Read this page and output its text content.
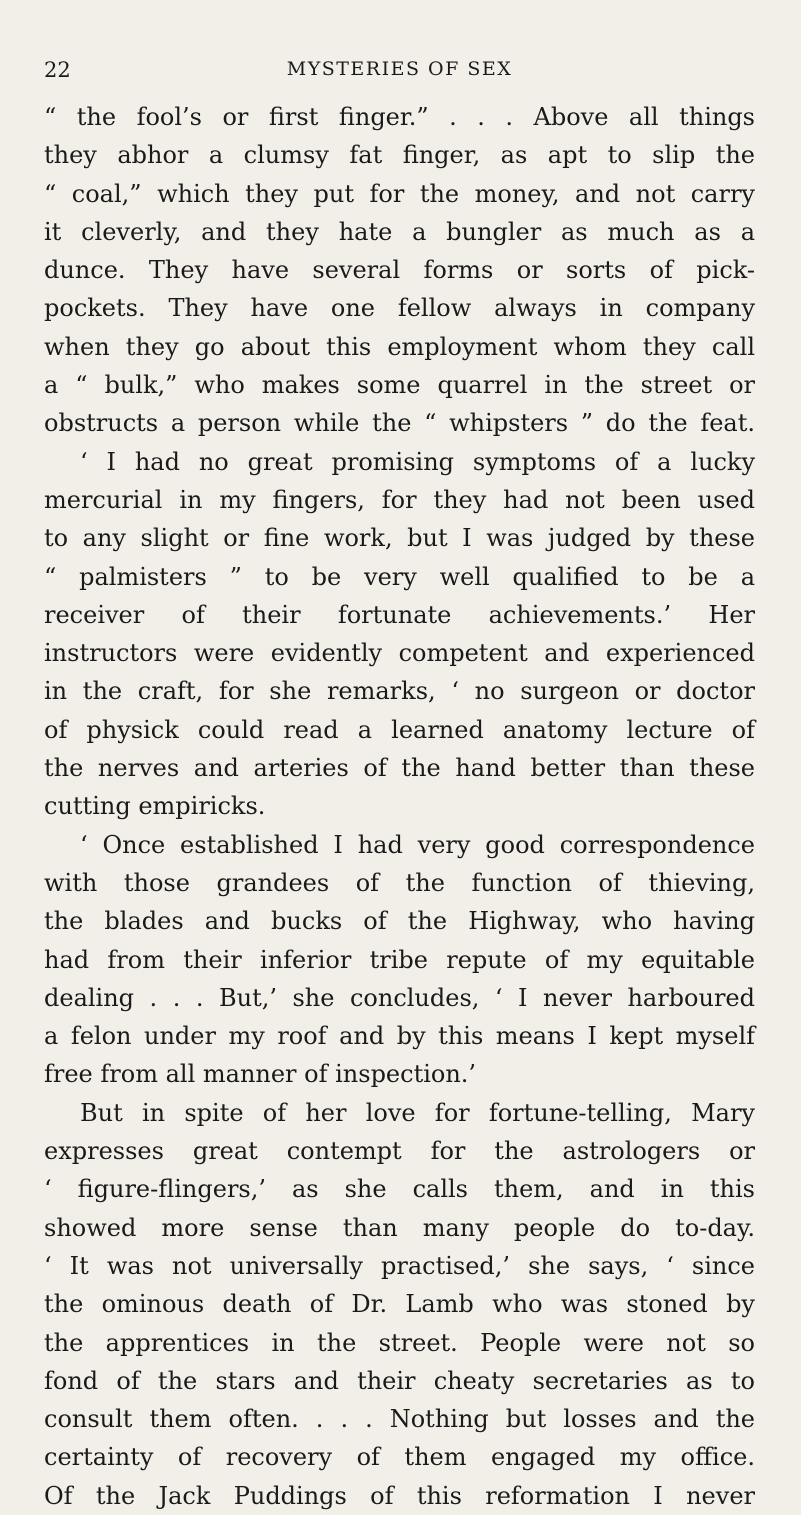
22	MYSTERIES OF SEX
“ the fool’s or first finger.” . . . Above all things
they abhor a clumsy fat finger, as apt to slip the
“ coal,” which they put for the money, and not carry
it cleverly, and they hate a bungler as much as a
dunce. They have several forms or sorts of pick-
pockets. They have one fellow always in company
when they go about this employment whom they call
a “ bulk,” who makes some quarrel in the street or
obstructs a person while the “ whipsters ” do the feat.
‘ I had no great promising symptoms of a lucky
mercurial in my fingers, for they had not been used
to any slight or fine work, but I was judged by these
“ palmisters ” to be very well qualified to be a
receiver of their fortunate achievements.’ Her
instructors were evidently competent and experienced
in the craft, for she remarks, ‘ no surgeon or doctor
of physick could read a learned anatomy lecture of
the nerves and arteries of the hand better than these
cutting empiricks.
‘ Once established I had very good correspondence
with those grandees of the function of thieving,
the blades and bucks of the Highway, who having
had from their inferior tribe repute of my equitable
dealing . . . But,’ she concludes, ‘ I never harboured
a felon under my roof and by this means I kept myself
free from all manner of inspection.’
But in spite of her love for fortune-telling, Mary
expresses great contempt for the astrologers or
‘ figure-flingers,’ as she calls them, and in this
showed more sense than many people do to-day.
‘ It was not universally practised,’ she says, ‘ since
the ominous death of Dr. Lamb who was stoned by
the apprentices in the street. People were not so
fond of the stars and their cheaty secretaries as to
consult them often. . . . Nothing but losses and the
certainty of recovery of them engaged my office.
Of the Jack Puddings of this reformation I never
